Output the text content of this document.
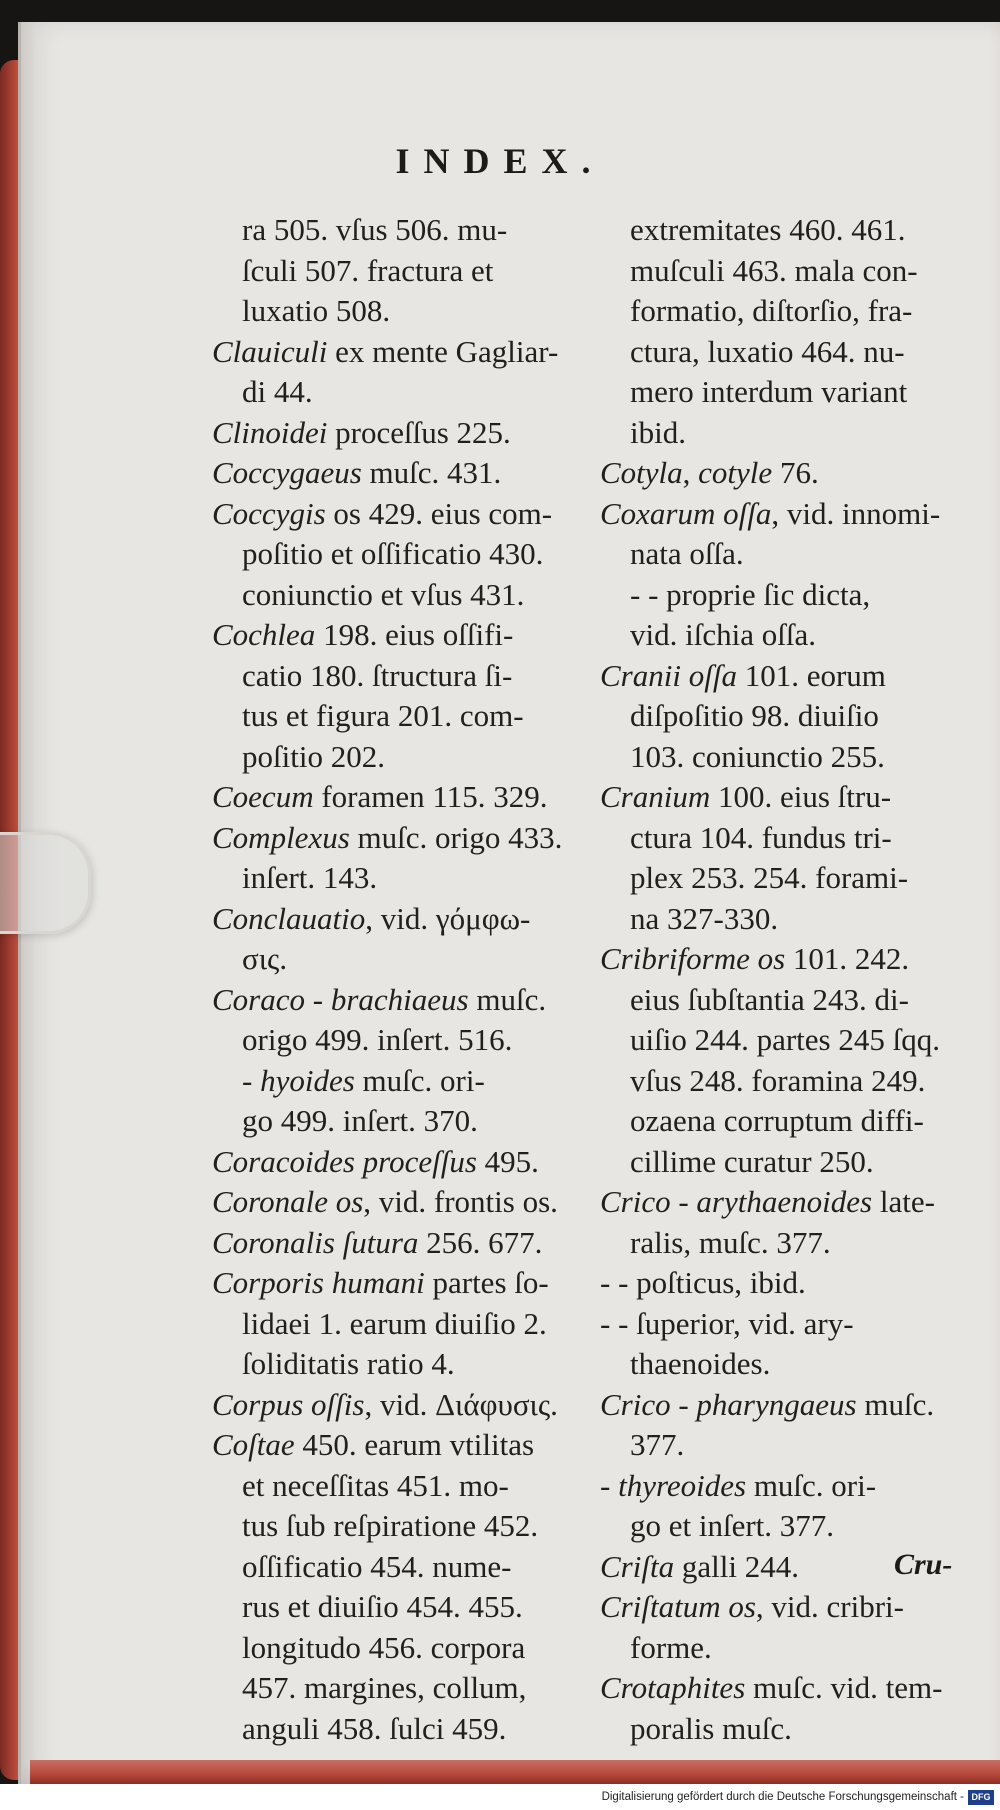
INDEX.
ra 505. vſus 506. mu-
ſculi 507. fractura et
luxatio 508.
Clauiculi ex mente Gagliar-
di 44.
Clinoidei proceſſus 225.
Coccygaeus muſc. 431.
Coccygis os 429. eius com-
poſitio et oſſificatio 430.
coniunctio et vſus 431.
Cochlea 198. eius oſſifi-
catio 180. ſtructura ſi-
tus et figura 201. com-
poſitio 202.
Coecum foramen 115. 329.
Complexus muſc. origo 433.
inſert. 143.
Conclauatio, vid. γόμφω-
σις.
Coraco - brachiaeus muſc.
origo 499. inſert. 516.
- hyoides muſc. ori-
go 499. inſert. 370.
Coracoides proceſſus 495.
Coronale os, vid. frontis os.
Coronalis ſutura 256. 677.
Corporis humani partes ſo-
lidaei 1. earum diuiſio 2.
ſoliditatis ratio 4.
Corpus oſſis, vid. Διάφυσις.
Coſtae 450. earum vtilitas
et neceſſitas 451. mo-
tus ſub reſpiratione 452.
oſſificatio 454. nume-
rus et diuiſio 454. 455.
longitudo 456. corpora
457. margines, collum,
anguli 458. ſulci 459.
extremitates 460. 461.
muſculi 463. mala con-
formatio, diſtorſio, fra-
ctura, luxatio 464. nu-
mero interdum variant
ibid.
Cotyla, cotyle 76.
Coxarum oſſa, vid. innomi-
nata oſſa.
- - proprie ſic dicta,
vid. iſchia oſſa.
Cranii oſſa 101. eorum
diſpoſitio 98. diuiſio
103. coniunctio 255.
Cranium 100. eius ſtru-
ctura 104. fundus tri-
plex 253. 254. forami-
na 327-330.
Cribriforme os 101. 242.
eius ſubſtantia 243. di-
uiſio 244. partes 245 ſqq.
vſus 248. foramina 249.
ozaena corruptum diffi-
cillime curatur 250.
Crico - arythaenoides late-
ralis, muſc. 377.
- - poſticus, ibid.
- - ſuperior, vid. ary-
thaenoides.
Crico - pharyngaeus muſc.
377.
- thyreoides muſc. ori-
go et inſert. 377.
Criſta galli 244.
Criſtatum os, vid. cribri-
forme.
Crotaphites muſc. vid. tem-
poralis muſc.
Cru-
Digitalisierung gefördert durch die Deutsche Forschungsgemeinschaft - DFG
